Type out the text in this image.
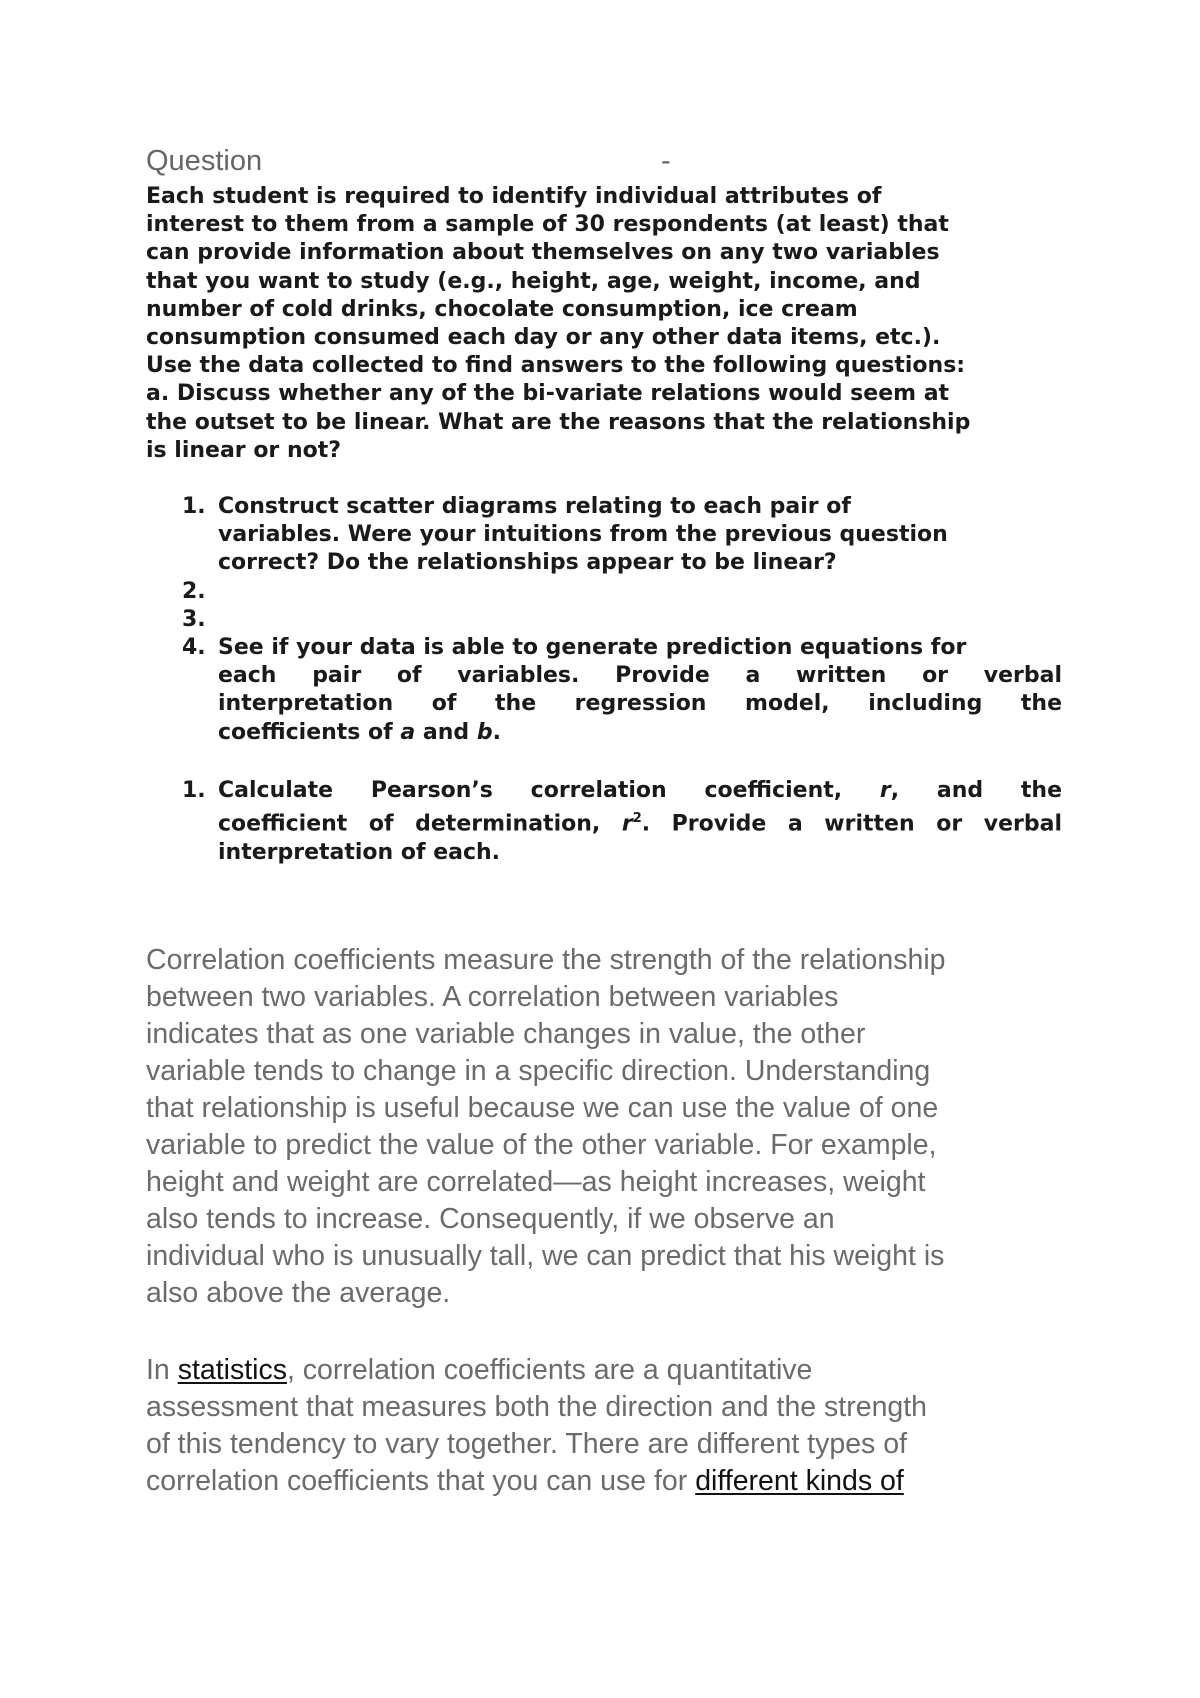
Question	-
Each student is required to identify individual attributes of
interest to them from a sample of 30 respondents (at least) that
can provide information about themselves on any two variables
that you want to study (e.g., height, age, weight, income, and
number of cold drinks, chocolate consumption, ice cream
consumption consumed each day or any other data items, etc.).
Use the data collected to find answers to the following questions:
a. Discuss whether any of the bi-variate relations would seem at
the outset to be linear. What are the reasons that the relationship
is linear or not?
1. Construct scatter diagrams relating to each pair of
variables. Were your intuitions from the previous question
correct? Do the relationships appear to be linear?
2.
3.
4. See if your data is able to generate prediction equations for
each pair of variables. Provide a written or verbal
interpretation of the regression model, including the
coefficients of a and b.
1. Calculate Pearson’s correlation coefficient, r, and the
coefficient of determination, $r^2$. Provide a written or verbal
interpretation of each.
Correlation coefficients measure the strength of the relationship
between two variables. A correlation between variables
indicates that as one variable changes in value, the other
variable tends to change in a specific direction. Understanding
that relationship is useful because we can use the value of one
variable to predict the value of the other variable. For example,
height and weight are correlated—as height increases, weight
also tends to increase. Consequently, if we observe an
individual who is unusually tall, we can predict that his weight is
also above the average.
In statistics, correlation coefficients are a quantitative
assessment that measures both the direction and the strength
of this tendency to vary together. There are different types of
correlation coefficients that you can use for different kinds of
